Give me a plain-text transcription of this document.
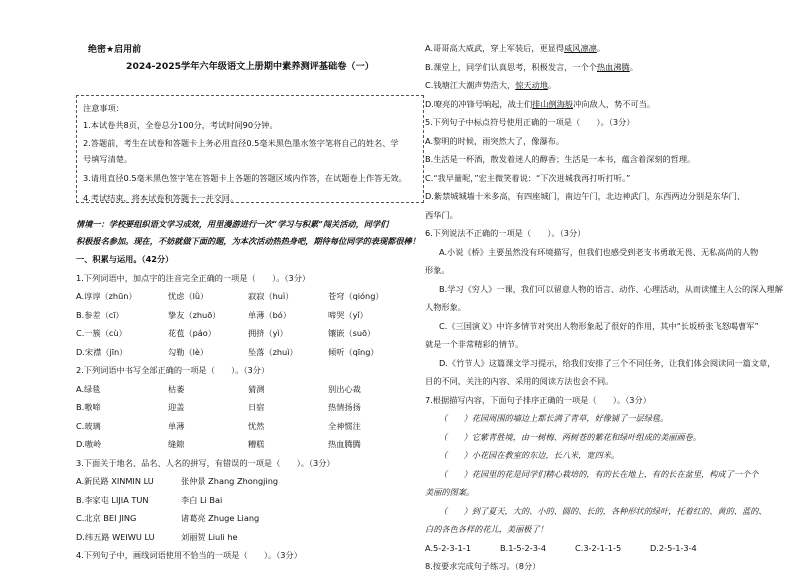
绝密★启用前
2024-2025学年六年级语文上册期中素养测评基础卷（一）
注意事项：
1.本试卷共8页，全卷总分100分，考试时间90分钟。
2.答题前，考生在试卷和答题卡上务必用直径0.5毫米黑色墨水签字笔将自己的姓名、学
号填写清楚。
3.请用直径0.5毫米黑色签字笔在答题卡上各题的答题区域内作答，在试题卷上作答无效。
4.考试结束，将本试卷和答题卡一并交回。
情境一：学校要组织语文学习成效，用里漫游进行一次“学习与积累”闯关活动，同学们
积极报名参加。现在，不妨就做下面的题，为本次活动热热身吧，期待每位同学的表现都很棒！
一、积累与运用。（42分）
1.下列词语中，加点字的注音完全正确的一项是（　　）。（3分）
A.谆谆（zhūn）	忧虑（lǜ）	寂寂（huì）	苍穹（qióng）
B.参差（cī）	挚友（zhuō）	单薄（bó）	啼哭（yǐ）
C.一簇（cù）	花苞（páo）	拥挤（yì）	镶嵌（suō）
D.宋襟（jīn）	勾勒（lè）	坠落（zhuì）	倾听（qīng）
2.下列词语中书写全部正确的一项是（　　）。（3分）
A.绿毯	枯萎	猜测	别出心裁
B.嗷啼	迎盖	日宿	热情扬扬
C.玻璃	单薄	忧然	全神惯注
D.嗷岭	缝隙	糟糕	热血腾腾
3.下面关于地名、品名、人名的拼写，有错误的一项是（　　）。（3分）
A.新民路 XINMIN LU	张仲景 Zhang Zhongjing
B.李家屯 LIJIA TUN	李白 Li Bai
C.北京 BEI JING	诸葛亮 Zhuge Liang
D.纬五路 WEIWU LU	刘丽贺 Liuli he
4.下列句子中，画线词语使用不恰当的一项是（　　）。（3分）
A.哥哥高大威武，穿上军装后，更显得威风凛凛。
B.课堂上，同学们认真思考，积极发言，一个个热血沸腾。
C.钱塘江大潮声势浩大，惊天动地。
D.嘹亮的冲锋号响起，战士们排山倒海般冲向敌人，势不可当。
5.下列句子中标点符号使用正确的一项是（　　）。（3分）
A.黎明的时候，雨突然大了，像瀑布。
B.生活是一杯酒，散发着迷人的醇香；生活是一本书，蕴含着深刻的哲理。
C.“我早量呢，”宏主微笑着说：“下次进城我再打听打听。”
D.紫禁城城墙十米多高，有四座城门，南边午门，北边神武门，东西两边分别是东华门、
西华门。
6.下列说法不正确的一项是（　　）。（3分）
A.小说《桥》主要虽然没有环境描写，但我们也感受到老支书勇敢无畏、无私高尚的人物
形象。
B.学习《穷人》一课，我们可以留意人物的语言、动作、心理活动，从而读懂主人公的深入理解
人物形象。
C.《三国演义》中许多情节对突出人物形象起了很好的作用，其中“长坂桥张飞怒喝曹军”
就是一个非常精彩的情节。
D.《竹节人》这篇课文学习提示，给我们安排了三个不同任务，让我们体会阅读同一篇文章，
目的不同，关注的内容、采用的阅读方法也会不同。
7.根据描写内容，下面句子排序正确的一项是（　　）。（3分）
（　　）花园周围的墙边上都长满了青草，好像铺了一层绿毯。
（　　）它紫青胜境，由一树梅、两树苍的紫花和绿叶组成的美丽画卷。
（　　）小花园在教室的东边，长八米，宽四米。
（　　）花园里的花是同学们精心栽培的，有的长在地上，有的长在盆里，构成了一个个
美丽的图案。
（　　）到了夏天，大的、小的、圆的、长的，各种形状的绿叶，托着红的、黄的、蓝的、
白的各色各样的花儿，美丽极了！
A.5-2-3-1-1	B.1-5-2-3-4	C.3-2-1-1-5	D.2-5-1-3-4
8.按要求完成句子练习。（8分）
